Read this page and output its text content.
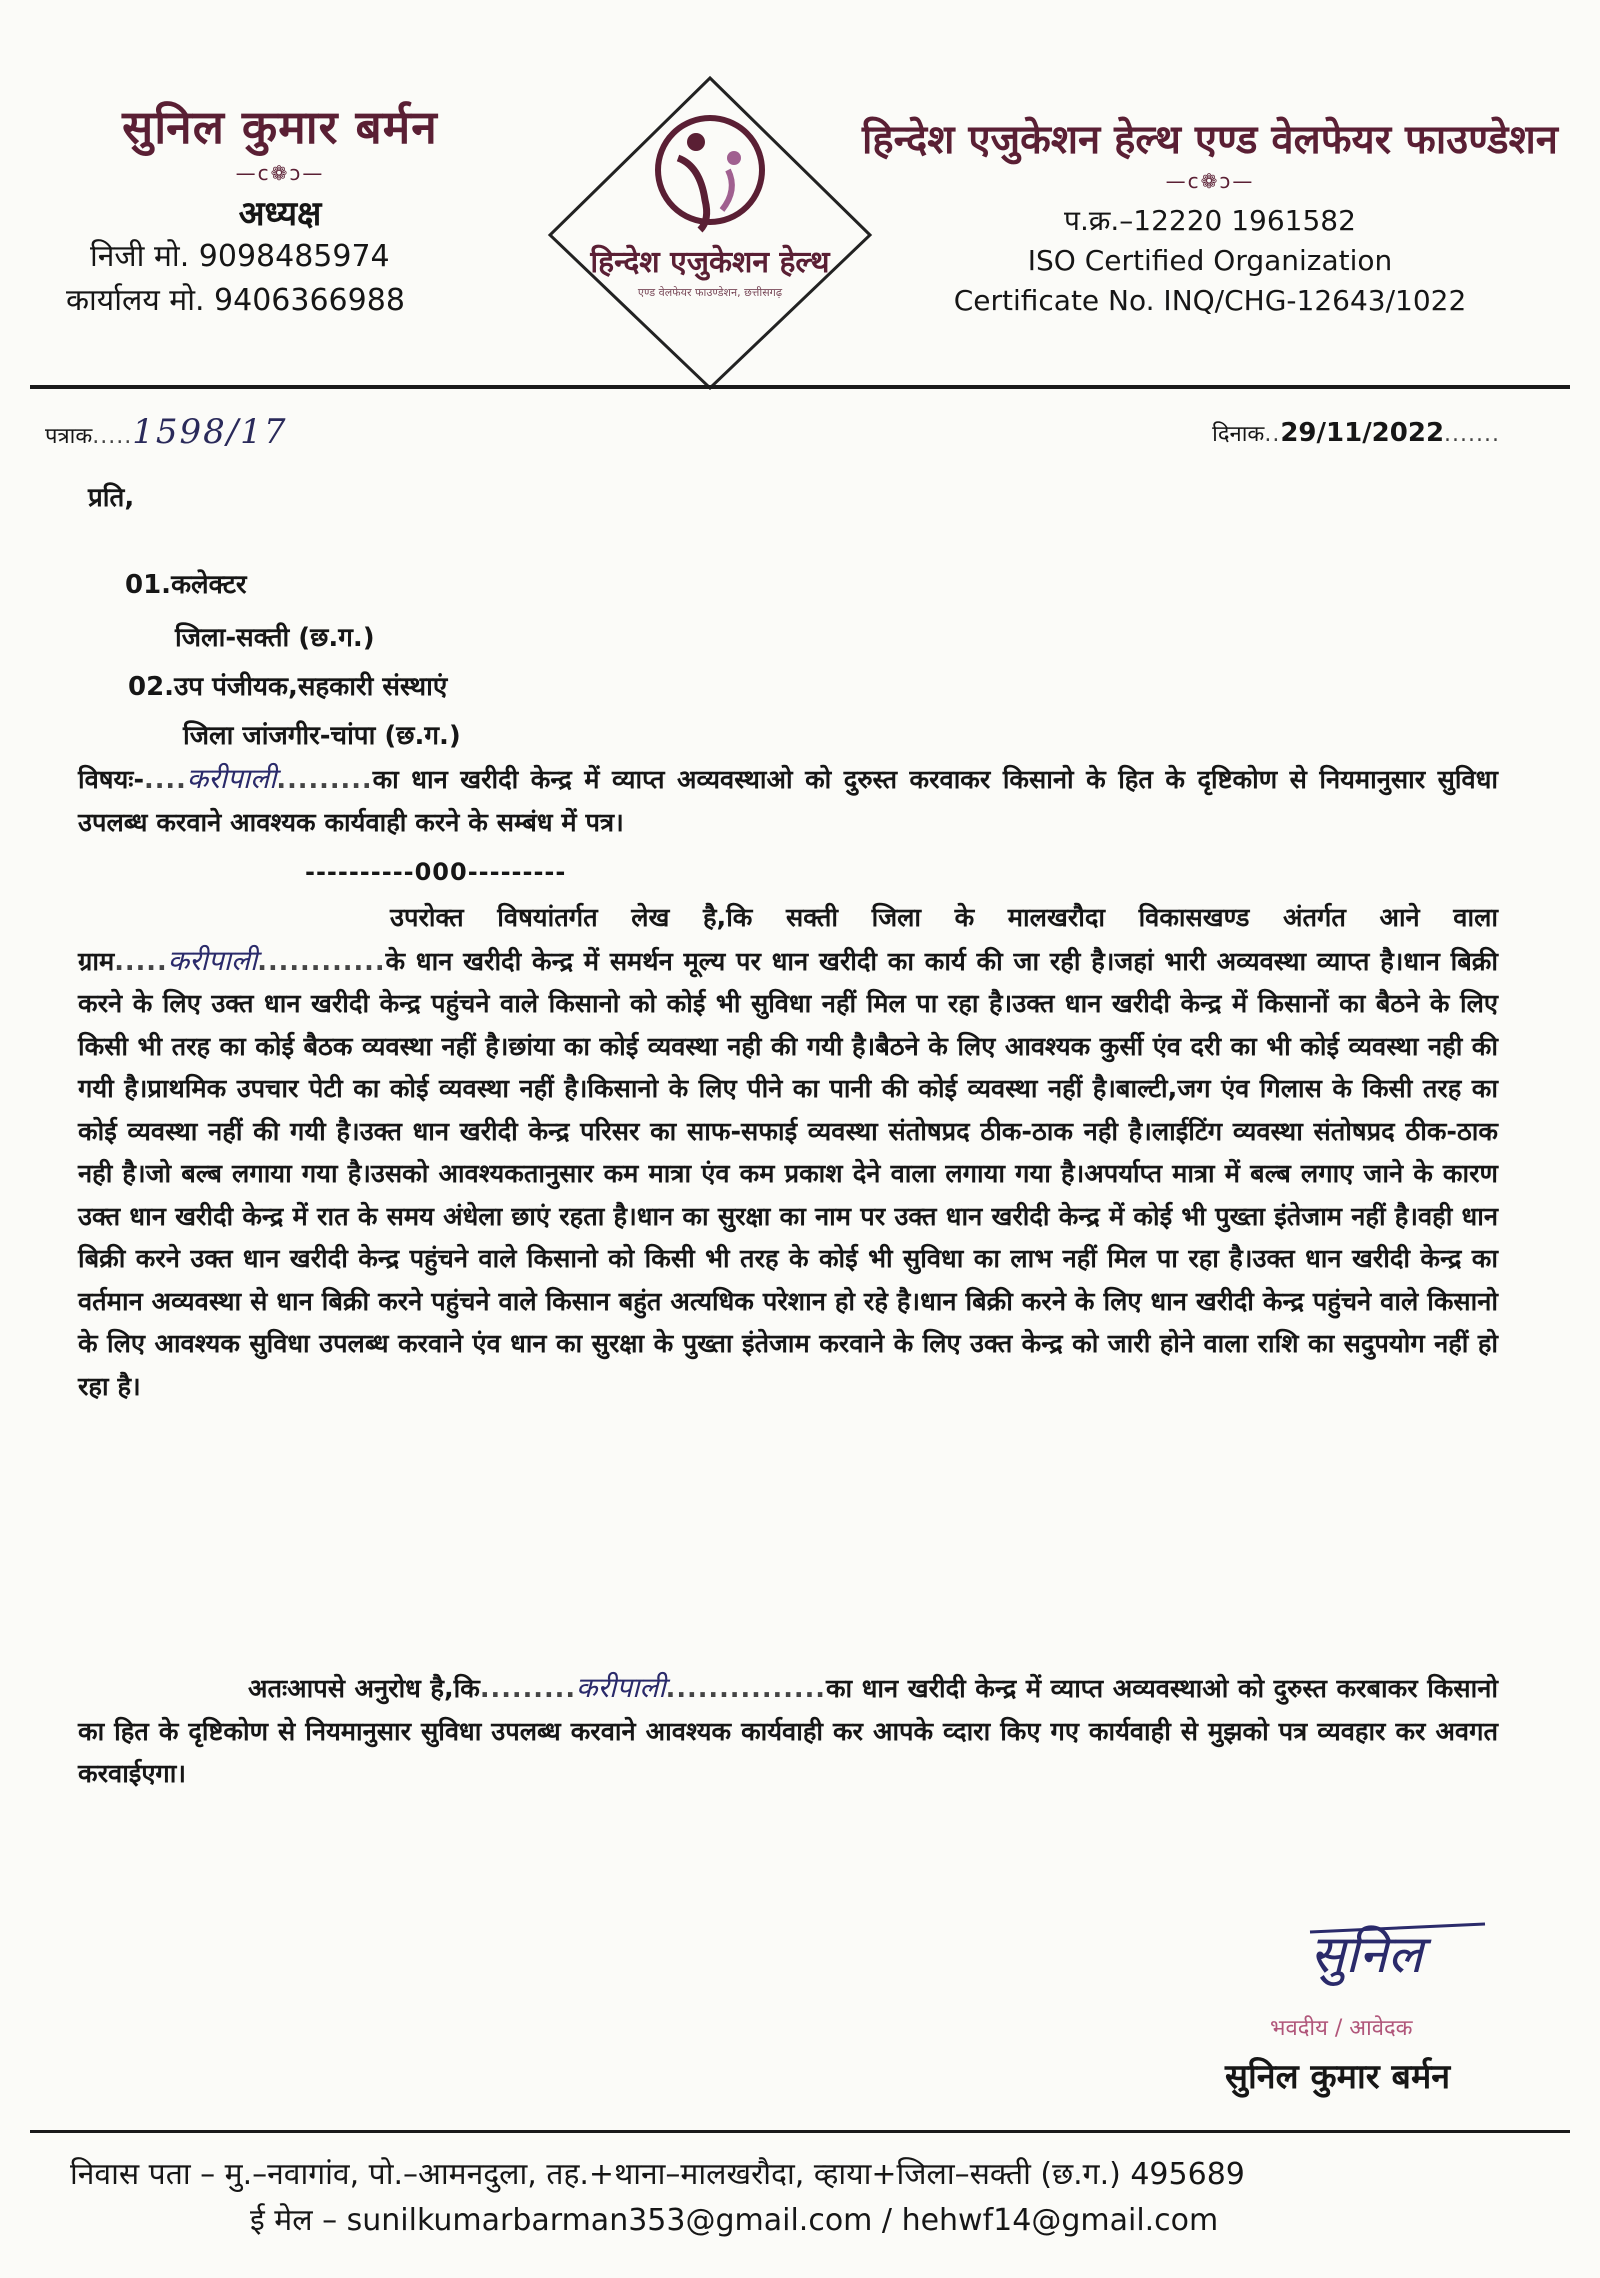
सुनिल कुमार बर्मन
—c❁ɔ—
अध्यक्ष
निजी मो. 9098485974
कार्यालय मो. 9406366988
हिन्देश एजुकेशन हेल्थ
एण्ड वेलफेयर फाउण्डेशन, छत्तीसगढ़
हिन्देश एजुकेशन हेल्थ एण्ड वेलफेयर फाउण्डेशन
—c❁ɔ—
प.क्र.–12220 1961582
ISO Certified Organization
Certificate No. INQ/CHG-12643/1022
पत्राक.....1598/17	दिनाक..29/11/2022.......
प्रति,
01.कलेक्टर
जिला-सक्ती (छ.ग.)
02.उप पंजीयक,सहकारी संस्थाएं
जिला जांजगीर-चांपा (छ.ग.)
विषयः-....करीपाली.........का धान खरीदी केन्द्र में व्याप्त अव्यवस्थाओ को दुरुस्त करवाकर किसानो के हित के दृष्टिकोण से नियमानुसार सुविधा उपलब्ध करवाने आवश्यक कार्यवाही करने के सम्बंध में पत्र।
----------000---------
उपरोक्त विषयांतर्गत लेख है,कि सक्ती जिला के मालखरौदा विकासखण्ड अंतर्गत आने वाला ग्राम.....करीपाली............के धान खरीदी केन्द्र में समर्थन मूल्य पर धान खरीदी का कार्य की जा रही है।जहां भारी अव्यवस्था व्याप्त है।धान बिक्री करने के लिए उक्त धान खरीदी केन्द्र पहुंचने वाले किसानो को कोई भी सुविधा नहीं मिल पा रहा है।उक्त धान खरीदी केन्द्र में किसानों का बैठने के लिए किसी भी तरह का कोई बैठक व्यवस्था नहीं है।छांया का कोई व्यवस्था नही की गयी है।बैठने के लिए आवश्यक कुर्सी एंव दरी का भी कोई व्यवस्था नही की गयी है।प्राथमिक उपचार पेटी का कोई व्यवस्था नहीं है।किसानो के लिए पीने का पानी की कोई व्यवस्था नहीं है।बाल्टी,जग एंव गिलास के किसी तरह का कोई व्यवस्था नहीं की गयी है।उक्त धान खरीदी केन्द्र परिसर का साफ-सफाई व्यवस्था संतोषप्रद ठीक-ठाक नही है।लाईटिंग व्यवस्था संतोषप्रद ठीक-ठाक नही है।जो बल्ब लगाया गया है।उसको आवश्यकतानुसार कम मात्रा एंव कम प्रकाश देने वाला लगाया गया है।अपर्याप्त मात्रा में बल्ब लगाए जाने के कारण उक्त धान खरीदी केन्द्र में रात के समय अंधेला छाएं रहता है।धान का सुरक्षा का नाम पर उक्त धान खरीदी केन्द्र में कोई भी पुख्ता इंतेजाम नहीं है।वही धान बिक्री करने उक्त धान खरीदी केन्द्र पहुंचने वाले किसानो को किसी भी तरह के कोई भी सुविधा का लाभ नहीं मिल पा रहा है।उक्त धान खरीदी केन्द्र का वर्तमान अव्यवस्था से धान बिक्री करने पहुंचने वाले किसान बहुंत अत्यधिक परेशान हो रहे है।धान बिक्री करने के लिए धान खरीदी केन्द्र पहुंचने वाले किसानो के लिए आवश्यक सुविधा उपलब्ध करवाने एंव धान का सुरक्षा के पुख्ता इंतेजाम करवाने के लिए उक्त केन्द्र को जारी होने वाला राशि का सदुपयोग नहीं हो रहा है।
अतःआपसे अनुरोध है,कि.........करीपाली...............का धान खरीदी केन्द्र में व्याप्त अव्यवस्थाओ को दुरुस्त करबाकर किसानो का हित के दृष्टिकोण से नियमानुसार सुविधा उपलब्ध करवाने आवश्यक कार्यवाही कर आपके व्दारा किए गए कार्यवाही से मुझको पत्र व्यवहार कर अवगत करवाईएगा।
सुनिल
भवदीय / आवेदक
सुनिल कुमार बर्मन
निवास पता – मु.–नवागांव, पो.–आमनदुला, तह.+थाना–मालखरौदा, व्हाया+जिला–सक्ती (छ.ग.) 495689
ई मेल – sunilkumarbarman353@gmail.com / hehwf14@gmail.com
